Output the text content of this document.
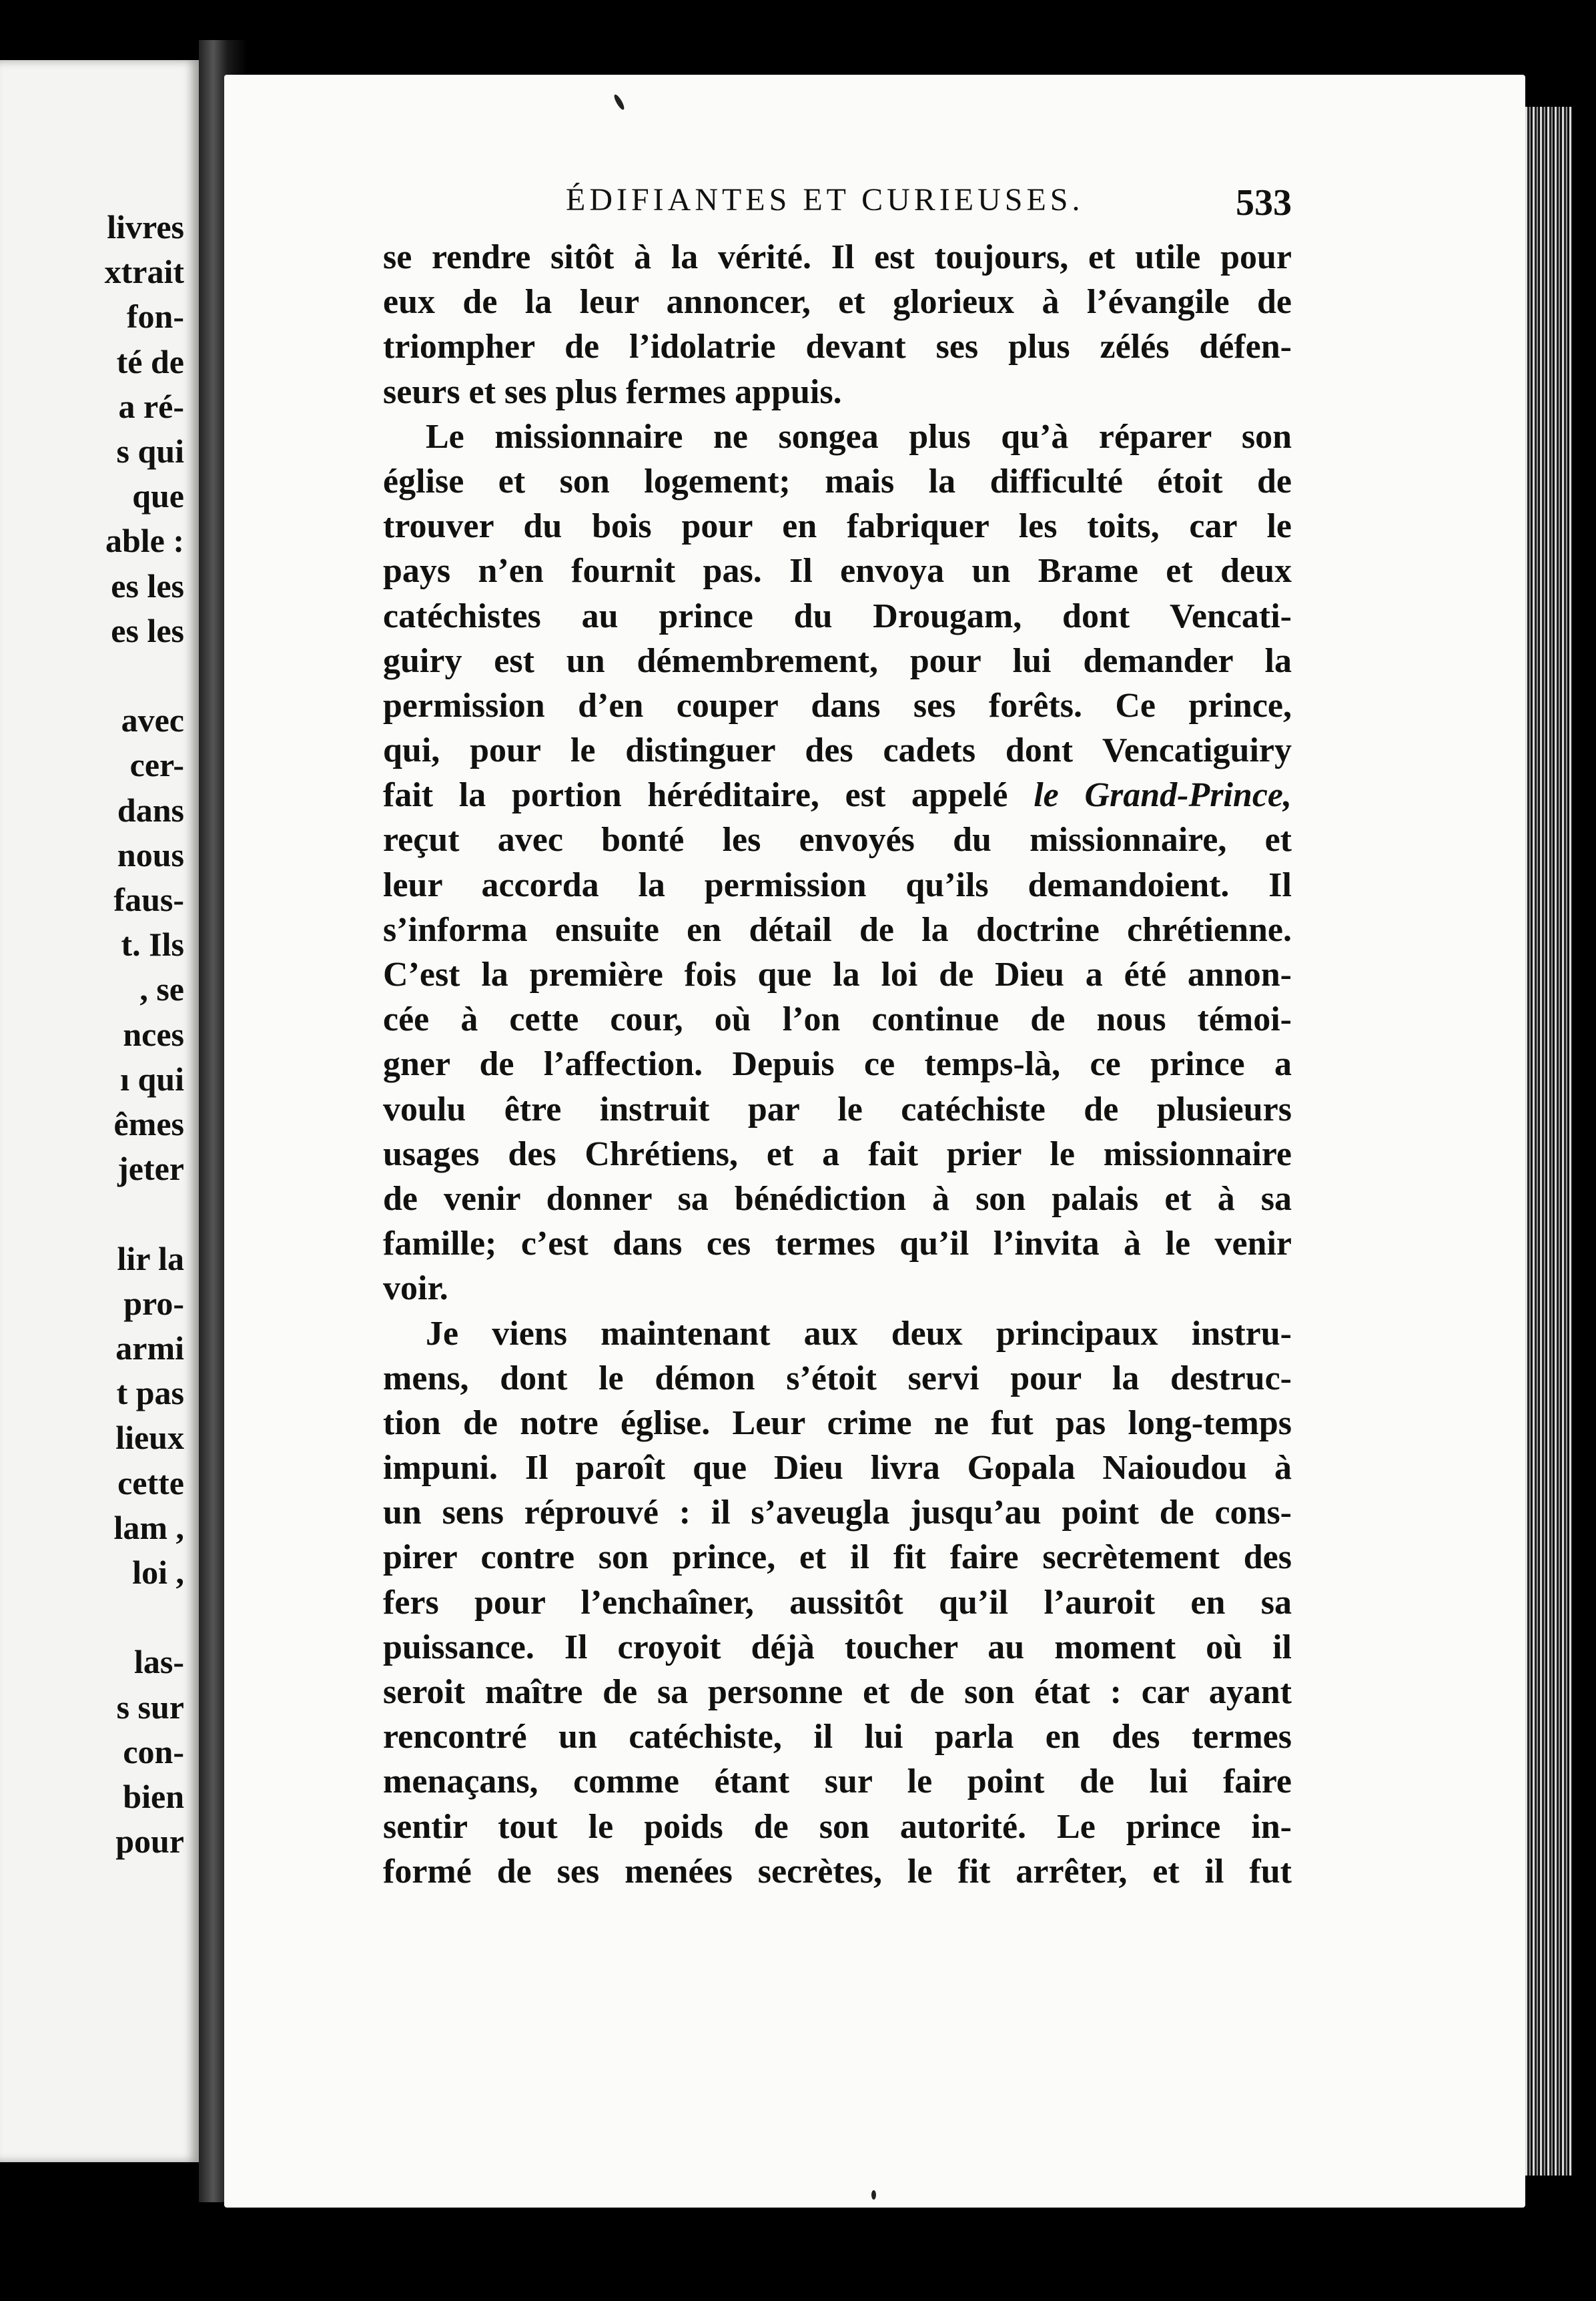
livres
xtrait
fon-
té de
a ré-
s qui
que
able :
es les
es les
avec
cer-
dans
nous
faus-
t. Ils
, se
nces
ı qui
êmes
jeter
lir la
pro-
armi
t pas
lieux
cette
lam ,
loi ,
las-
s sur
con-
bien
pour
ÉDIFIANTES ET CURIEUSES.	533
se rendre sitôt à la vérité. Il est toujours, et utile pour
eux de la leur annoncer, et glorieux à l’évangile de
triompher de l’idolatrie devant ses plus zélés défen-
seurs et ses plus fermes appuis.
Le missionnaire ne songea plus qu’à réparer son
église et son logement; mais la difficulté étoit de
trouver du bois pour en fabriquer les toits, car le
pays n’en fournit pas. Il envoya un Brame et deux
catéchistes au prince du Drougam, dont Vencati-
guiry est un démembrement, pour lui demander la
permission d’en couper dans ses forêts. Ce prince,
qui, pour le distinguer des cadets dont Vencatiguiry
fait la portion héréditaire, est appelé le Grand-Prince,
reçut avec bonté les envoyés du missionnaire, et
leur accorda la permission qu’ils demandoient. Il
s’informa ensuite en détail de la doctrine chrétienne.
C’est la première fois que la loi de Dieu a été annon-
cée à cette cour, où l’on continue de nous témoi-
gner de l’affection. Depuis ce temps-là, ce prince a
voulu être instruit par le catéchiste de plusieurs
usages des Chrétiens, et a fait prier le missionnaire
de venir donner sa bénédiction à son palais et à sa
famille; c’est dans ces termes qu’il l’invita à le venir
voir.
Je viens maintenant aux deux principaux instru-
mens, dont le démon s’étoit servi pour la destruc-
tion de notre église. Leur crime ne fut pas long-temps
impuni. Il paroît que Dieu livra Gopala Naioudou à
un sens réprouvé : il s’aveugla jusqu’au point de cons-
pirer contre son prince, et il fit faire secrètement des
fers pour l’enchaîner, aussitôt qu’il l’auroit en sa
puissance. Il croyoit déjà toucher au moment où il
seroit maître de sa personne et de son état : car ayant
rencontré un catéchiste, il lui parla en des termes
menaçans, comme étant sur le point de lui faire
sentir tout le poids de son autorité. Le prince in-
formé de ses menées secrètes, le fit arrêter, et il fut
